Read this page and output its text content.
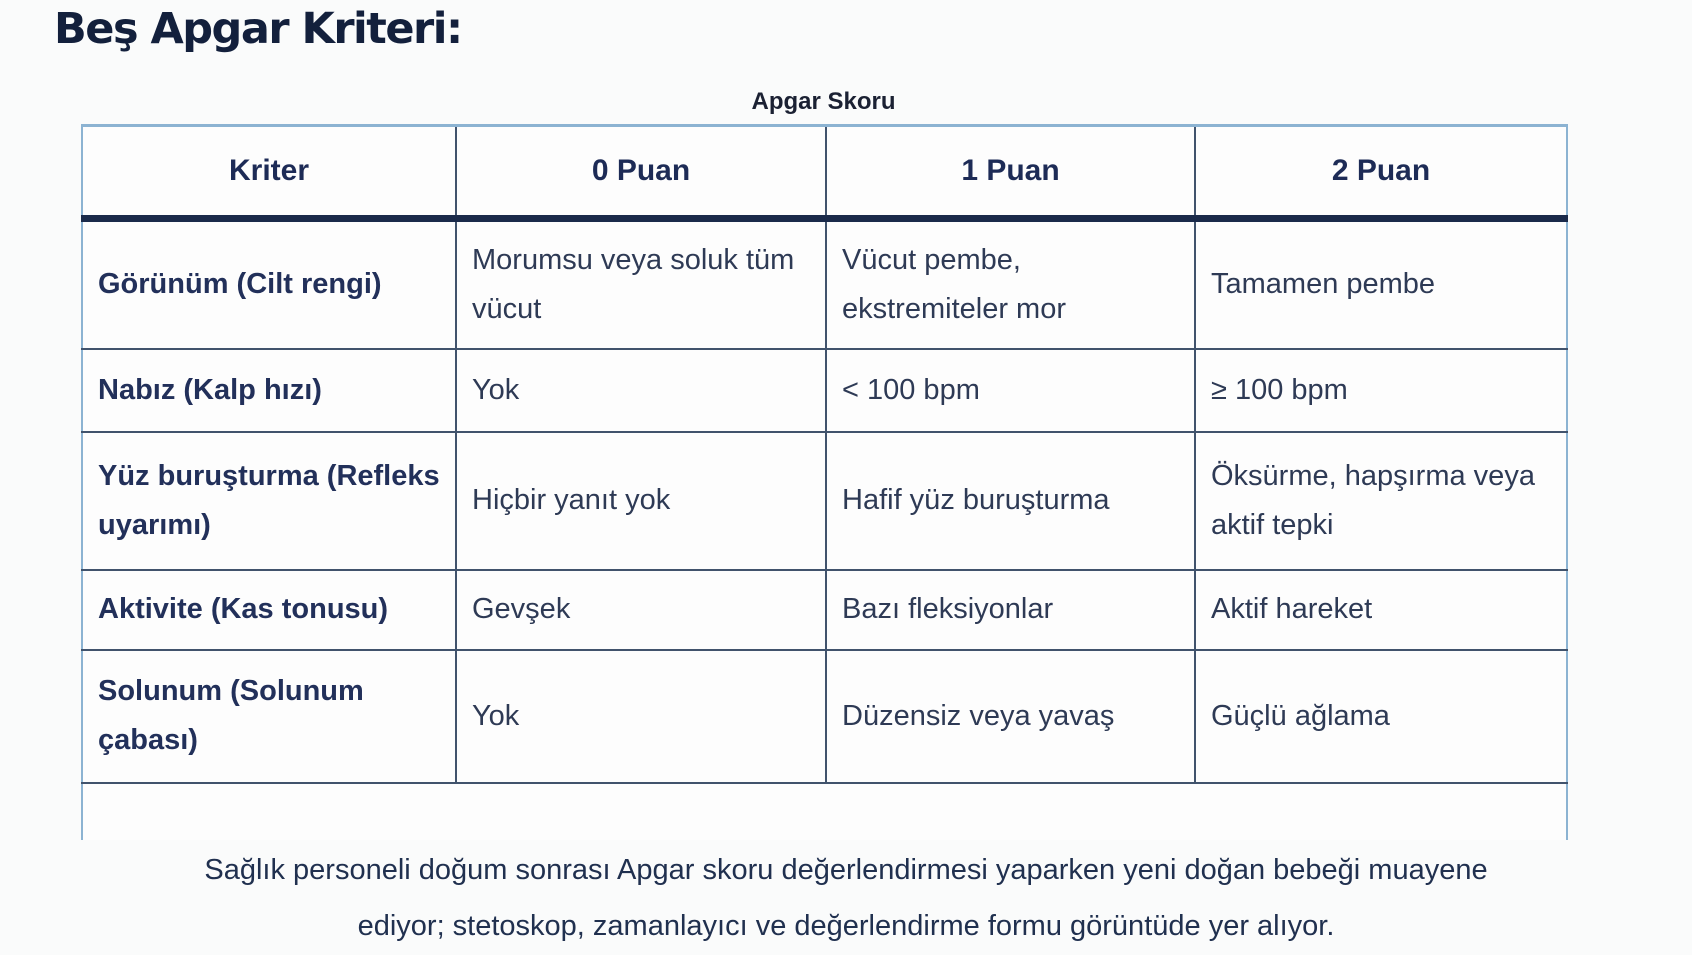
Beş Apgar Kriteri:
Apgar Skoru
Kriter	0 Puan	1 Puan	2 Puan
Görünüm (Cilt rengi)	Morumsu veya soluk tüm vücut	Vücut pembe, ekstremiteler mor	Tamamen pembe
Nabız (Kalp hızı)	Yok	< 100 bpm	≥ 100 bpm
Yüz buruşturma (Refleks uyarımı)	Hiçbir yanıt yok	Hafif yüz buruşturma	Öksürme, hapşırma veya aktif tepki
Aktivite (Kas tonusu)	Gevşek	Bazı fleksiyonlar	Aktif hareket
Solunum (Solunum çabası)	Yok	Düzensiz veya yavaş	Güçlü ağlama

Sağlık personeli doğum sonrası Apgar skoru değerlendirmesi yaparken yeni doğan bebeği muayene
ediyor; stetoskop, zamanlayıcı ve değerlendirme formu görüntüde yer alıyor.
